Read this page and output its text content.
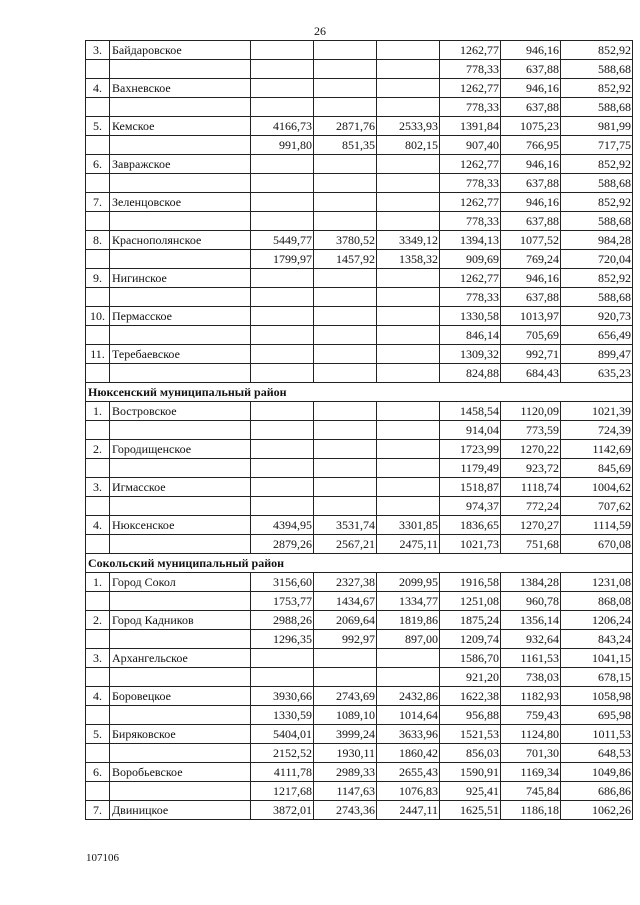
26
3.	Байдаровское				1262,77	946,16	852,92
					778,33	637,88	588,68
4.	Вахневское				1262,77	946,16	852,92
					778,33	637,88	588,68
5.	Кемское	4166,73	2871,76	2533,93	1391,84	1075,23	981,99
		991,80	851,35	802,15	907,40	766,95	717,75
6.	Завражское				1262,77	946,16	852,92
					778,33	637,88	588,68
7.	Зеленцовское				1262,77	946,16	852,92
					778,33	637,88	588,68
8.	Краснополянское	5449,77	3780,52	3349,12	1394,13	1077,52	984,28
		1799,97	1457,92	1358,32	909,69	769,24	720,04
9.	Нигинское				1262,77	946,16	852,92
					778,33	637,88	588,68
10.	Пермасское				1330,58	1013,97	920,73
					846,14	705,69	656,49
11.	Теребаевское				1309,32	992,71	899,47
					824,88	684,43	635,23
Нюксенский муниципальный район							
1.	Востровское				1458,54	1120,09	1021,39
					914,04	773,59	724,39
2.	Городищенское				1723,99	1270,22	1142,69
					1179,49	923,72	845,69
3.	Игмасское				1518,87	1118,74	1004,62
					974,37	772,24	707,62
4.	Нюксенское	4394,95	3531,74	3301,85	1836,65	1270,27	1114,59
		2879,26	2567,21	2475,11	1021,73	751,68	670,08
Сокольский муниципальный район							
1.	Город Сокол	3156,60	2327,38	2099,95	1916,58	1384,28	1231,08
		1753,77	1434,67	1334,77	1251,08	960,78	868,08
2.	Город Кадников	2988,26	2069,64	1819,86	1875,24	1356,14	1206,24
		1296,35	992,97	897,00	1209,74	932,64	843,24
3.	Архангельское				1586,70	1161,53	1041,15
					921,20	738,03	678,15
4.	Боровецкое	3930,66	2743,69	2432,86	1622,38	1182,93	1058,98
		1330,59	1089,10	1014,64	956,88	759,43	695,98
5.	Биряковское	5404,01	3999,24	3633,96	1521,53	1124,80	1011,53
		2152,52	1930,11	1860,42	856,03	701,30	648,53
6.	Воробьевское	4111,78	2989,33	2655,43	1590,91	1169,34	1049,86
		1217,68	1147,63	1076,83	925,41	745,84	686,86
7.	Двиницкое	3872,01	2743,36	2447,11	1625,51	1186,18	1062,26
107106
